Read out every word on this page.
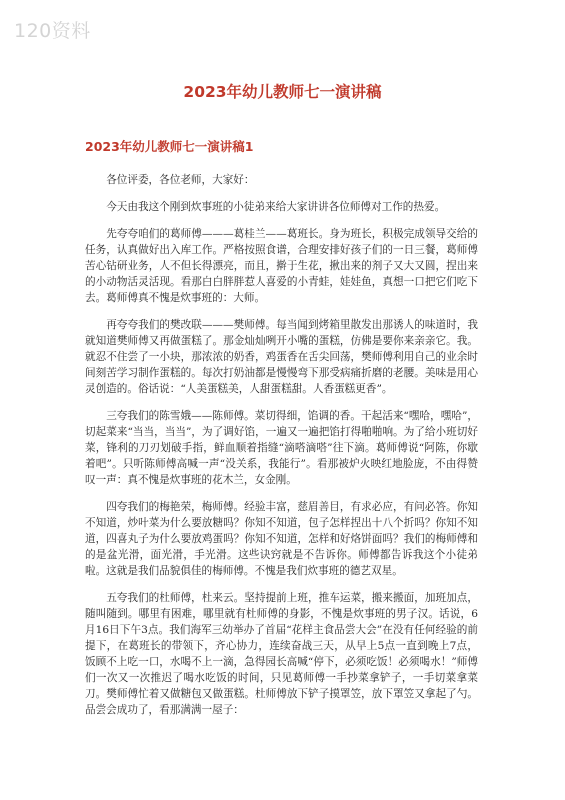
120资料
2023年幼儿教师七一演讲稿
2023年幼儿教师七一演讲稿1

各位评委，各位老师，大家好：

今天由我这个刚到炊事班的小徒弟来给大家讲讲各位师傅对工作的热爱。

先夸夸咱们的葛师傅———葛桂兰——葛班长。身为班长，积极完成领导交给的任务，认真做好出入库工作。严格按照食谱，合理安排好孩子们的一日三餐，葛师傅苦心钻研业务，人不但长得漂亮，而且，擀于生花，揪出来的剂子又大又圆，捏出来的小动物活灵活现。看那白白胖胖惹人喜爱的小青蛙，娃娃鱼，真想一口把它们吃下去。葛师傅真不愧是炊事班的：大师。

再夸夸我们的樊改联———樊师傅。每当闻到烤箱里散发出那诱人的味道时，我就知道樊师傅又再做蛋糕了。那金灿灿咧开小嘴的蛋糕，仿佛是要你来亲亲它。我。就忍不住尝了一小块，那浓浓的奶香，鸡蛋香在舌尖回荡，樊师傅利用自己的业余时间刻苦学习制作蛋糕的。每次打奶油都是慢慢弯下那受病痛折磨的老腰。美味是用心灵创造的。俗话说：“人美蛋糕美，人甜蛋糕甜。人香蛋糕更香”。

三夸我们的陈雪娥——陈师傅。菜切得细，馅调的香。干起活来“嘿哈，嘿哈”，切起菜来“当当，当当”，为了调好馅，一遍又一遍把馅打得啪啪响。为了给小班切好菜，锋利的刀刃划破手指，鲜血顺着指缝“滴嗒滴嗒”往下滴。葛师傅说“阿陈，你歇着吧”。只听陈师傅高喊一声“没关系，我能行”。看那被炉火映红地脸庞，不由得赞叹一声：真不愧是炊事班的花木兰，女金刚。

四夸我们的梅艳荣，梅师傅。经验丰富，慈眉善目，有求必应，有问必答。你知不知道，炒叶菜为什么要放糖吗？你知不知道，包子怎样捏出十八个折吗？你知不知道，四喜丸子为什么要放鸡蛋吗？你知不知道，怎样和好烙饼面吗？我们的梅师傅和的是盆光滑，面光滑，手光滑。这些诀窍就是不告诉你。师傅都告诉我这个小徒弟啦。这就是我们品貌俱佳的梅师傅。不愧是我们炊事班的德艺双星。

五夸我们的杜师傅，杜来云。坚持提前上班，推车运菜，搬来搬面，加班加点，随叫随到。哪里有困难，哪里就有杜师傅的身影，不愧是炊事班的男子汉。话说，6月16日下午3点。我们海军三幼举办了首届“花样主食品尝大会”在没有任何经验的前提下，在葛班长的带领下，齐心协力，连续奋战三天，从早上5点一直到晚上7点，饭顾不上吃一口，水喝不上一滴，急得园长高喊“停下，必须吃饭！必须喝水！”师傅们一次又一次推迟了喝水吃饭的时间，只见葛师傅一手抄菜拿铲子，一手切菜拿菜刀。樊师傅忙着又做糖包又做蛋糕。杜师傅放下铲子摸罩笠，放下罩笠又拿起了勺。品尝会成功了，看那满满一屋子：
